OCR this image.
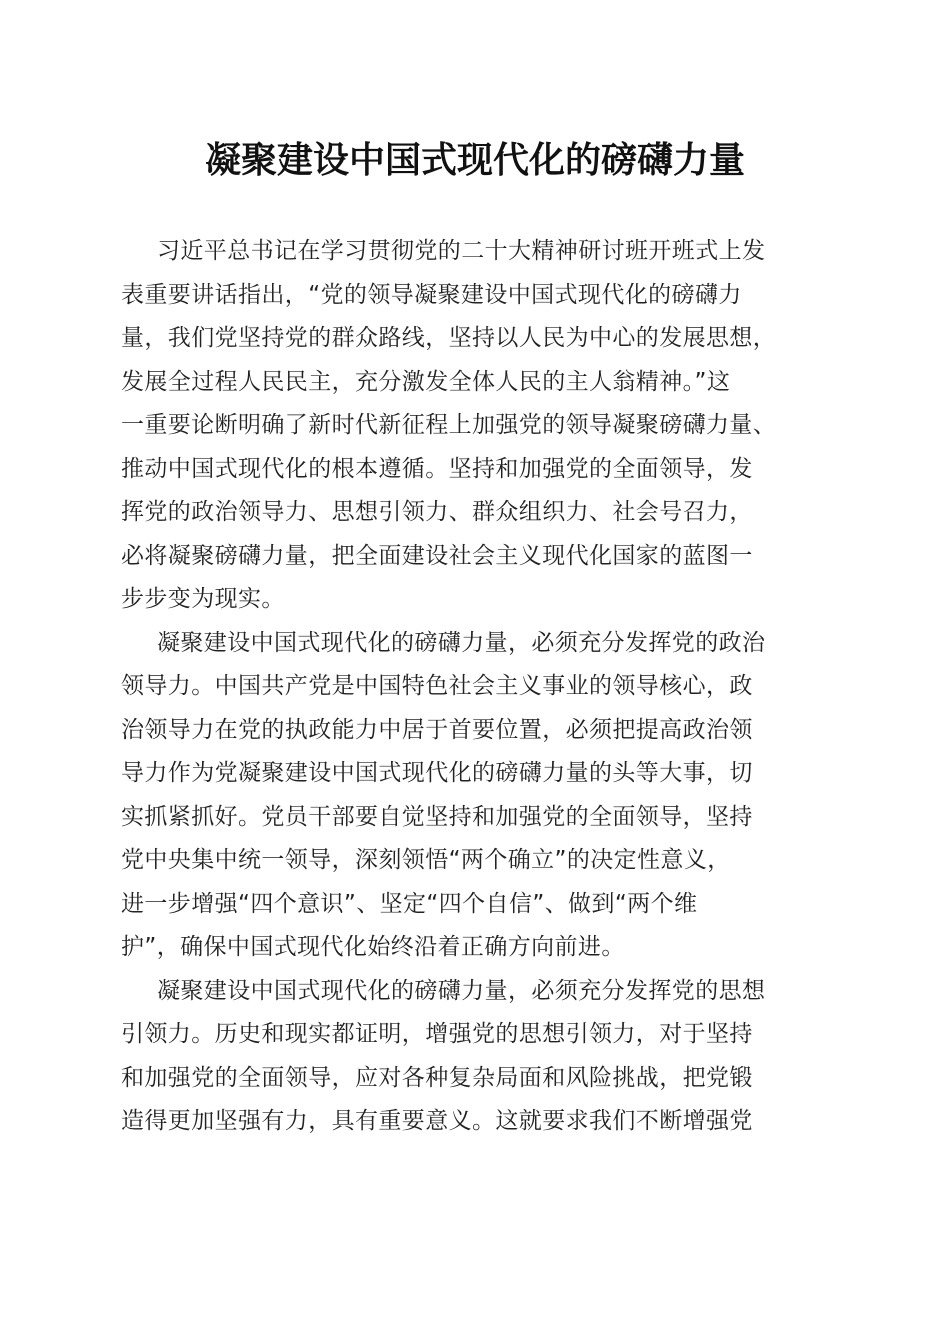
凝聚建设中国式现代化的磅礴力量
习近平总书记在学习贯彻党的二十大精神研讨班开班式上发
表重要讲话指出，“党的领导凝聚建设中国式现代化的磅礴力
量，我们党坚持党的群众路线，坚持以人民为中心的发展思想，
发展全过程人民民主，充分激发全体人民的主人翁精神。”这
一重要论断明确了新时代新征程上加强党的领导凝聚磅礴力量、
推动中国式现代化的根本遵循。坚持和加强党的全面领导，发
挥党的政治领导力、思想引领力、群众组织力、社会号召力，
必将凝聚磅礴力量，把全面建设社会主义现代化国家的蓝图一
步步变为现实。
凝聚建设中国式现代化的磅礴力量，必须充分发挥党的政治
领导力。中国共产党是中国特色社会主义事业的领导核心，政
治领导力在党的执政能力中居于首要位置，必须把提高政治领
导力作为党凝聚建设中国式现代化的磅礴力量的头等大事，切
实抓紧抓好。党员干部要自觉坚持和加强党的全面领导，坚持
党中央集中统一领导，深刻领悟“两个确立”的决定性意义，
进一步增强“四个意识”、坚定“四个自信”、做到“两个维
护”，确保中国式现代化始终沿着正确方向前进。
凝聚建设中国式现代化的磅礴力量，必须充分发挥党的思想
引领力。历史和现实都证明，增强党的思想引领力，对于坚持
和加强党的全面领导，应对各种复杂局面和风险挑战，把党锻
造得更加坚强有力，具有重要意义。这就要求我们不断增强党
